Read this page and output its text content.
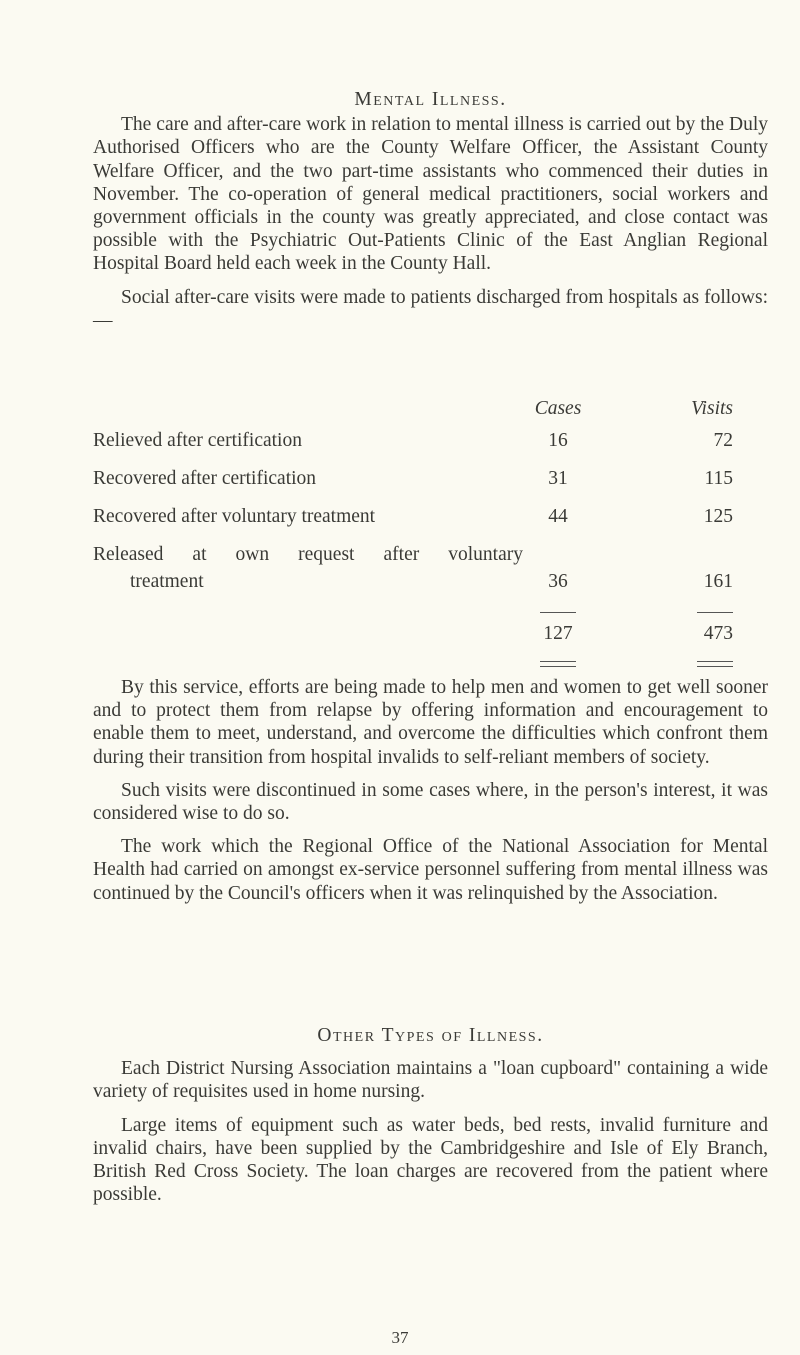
Mental Illness.

The care and after-care work in relation to mental illness is carried out by the Duly Authorised Officers who are the County Welfare Officer, the Assistant County Welfare Officer, and the two part-time assistants who commenced their duties in November. The co-operation of general medical practitioners, social workers and government officials in the county was greatly appreciated, and close contact was possible with the Psychiatric Out-Patients Clinic of the East Anglian Regional Hospital Board held each week in the County Hall.

Social after-care visits were made to patients discharged from hospitals as follows:—

Cases	Visits
Relieved after certification	16	72
Recovered after certification	31	115
Recovered after voluntary treatment	44	125
Released at own request after voluntary
treatment	36	161
127	473

By this service, efforts are being made to help men and women to get well sooner and to protect them from relapse by offering information and encouragement to enable them to meet, understand, and overcome the difficulties which confront them during their transition from hospital invalids to self-reliant members of society.

Such visits were discontinued in some cases where, in the person's interest, it was considered wise to do so.

The work which the Regional Office of the National Association for Mental Health had carried on amongst ex-service personnel suffering from mental illness was continued by the Council's officers when it was relinquished by the Association.

Other Types of Illness.

Each District Nursing Association maintains a "loan cupboard" containing a wide variety of requisites used in home nursing.

Large items of equipment such as water beds, bed rests, invalid furniture and invalid chairs, have been supplied by the Cambridgeshire and Isle of Ely Branch, British Red Cross Society. The loan charges are recovered from the patient where possible.

37
